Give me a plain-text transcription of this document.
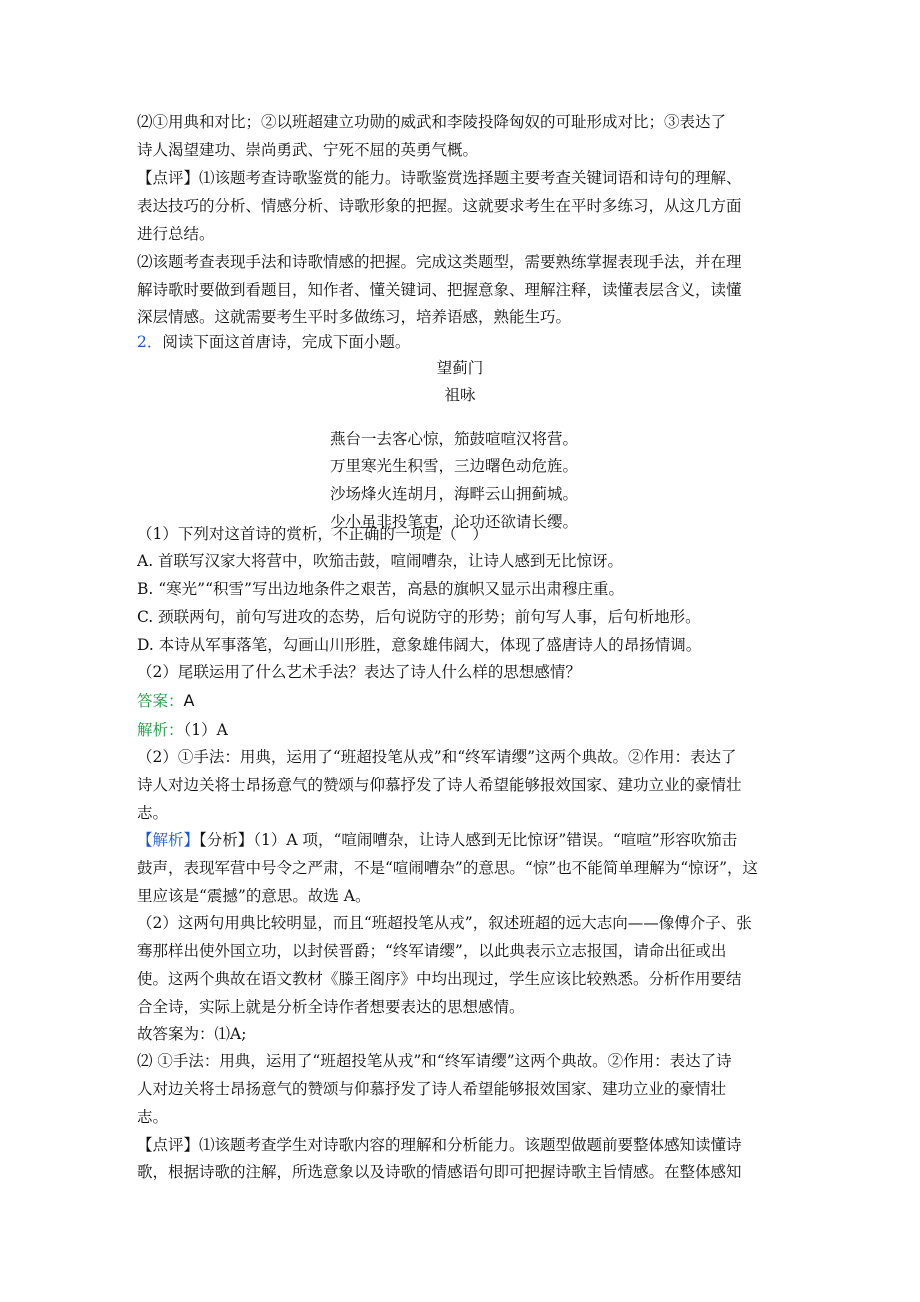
⑵①用典和对比；②以班超建立功勋的威武和李陵投降匈奴的可耻形成对比；③表达了

诗人渴望建功、崇尚勇武、宁死不屈的英勇气概。

【点评】⑴该题考查诗歌鉴赏的能力。诗歌鉴赏选择题主要考查关键词语和诗句的理解、

表达技巧的分析、情感分析、诗歌形象的把握。这就要求考生在平时多练习，从这几方面

进行总结。

⑵该题考查表现手法和诗歌情感的把握。完成这类题型，需要熟练掌握表现手法，并在理

解诗歌时要做到看题目，知作者、懂关键词、把握意象、理解注释，读懂表层含义，读懂

深层情感。这就需要考生平时多做练习，培养语感，熟能生巧。

2．阅读下面这首唐诗，完成下面小题。

望蓟门

祖咏

燕台一去客心惊，笳鼓喧喧汉将营。

万里寒光生积雪，三边曙色动危旌。

沙场烽火连胡月，海畔云山拥蓟城。

少小虽非投笔吏，论功还欲请长缨。

（1）下列对这首诗的赏析，不正确的一项是（　）

A. 首联写汉家大将营中，吹笳击鼓，喧闹嘈杂，让诗人感到无比惊讶。

B. “寒光”“积雪”写出边地条件之艰苦，高悬的旗帜又显示出肃穆庄重。

C. 颈联两句，前句写进攻的态势，后句说防守的形势；前句写人事，后句析地形。

D. 本诗从军事落笔，勾画山川形胜，意象雄伟阔大，体现了盛唐诗人的昂扬情调。

（2）尾联运用了什么艺术手法？表达了诗人什么样的思想感情？

答案：A

解析：（1）A

（2）①手法：用典，运用了“班超投笔从戎”和“终军请缨”这两个典故。②作用：表达了

诗人对边关将士昂扬意气的赞颂与仰慕抒发了诗人希望能够报效国家、建功立业的豪情壮

志。

【解析】【分析】（1）A 项，“喧闹嘈杂，让诗人感到无比惊讶”错误。“喧喧”形容吹笳击

鼓声，表现军营中号令之严肃，不是“喧闹嘈杂”的意思。“惊”也不能简单理解为“惊讶”，这

里应该是“震撼”的意思。故选 A。

（2）这两句用典比较明显，而且“班超投笔从戎”，叙述班超的远大志向——像傅介子、张

骞那样出使外国立功，以封侯晋爵；“终军请缨”，以此典表示立志报国，请命出征或出

使。这两个典故在语文教材《滕王阁序》中均出现过，学生应该比较熟悉。分析作用要结

合全诗，实际上就是分析全诗作者想要表达的思想感情。

故答案为：⑴A;

⑵ ①手法：用典，运用了“班超投笔从戎”和“终军请缨”这两个典故。②作用：表达了诗

人对边关将士昂扬意气的赞颂与仰慕抒发了诗人希望能够报效国家、建功立业的豪情壮

志。

【点评】⑴该题考查学生对诗歌内容的理解和分析能力。该题型做题前要整体感知读懂诗

歌，根据诗歌的注解，所选意象以及诗歌的情感语句即可把握诗歌主旨情感。在整体感知
